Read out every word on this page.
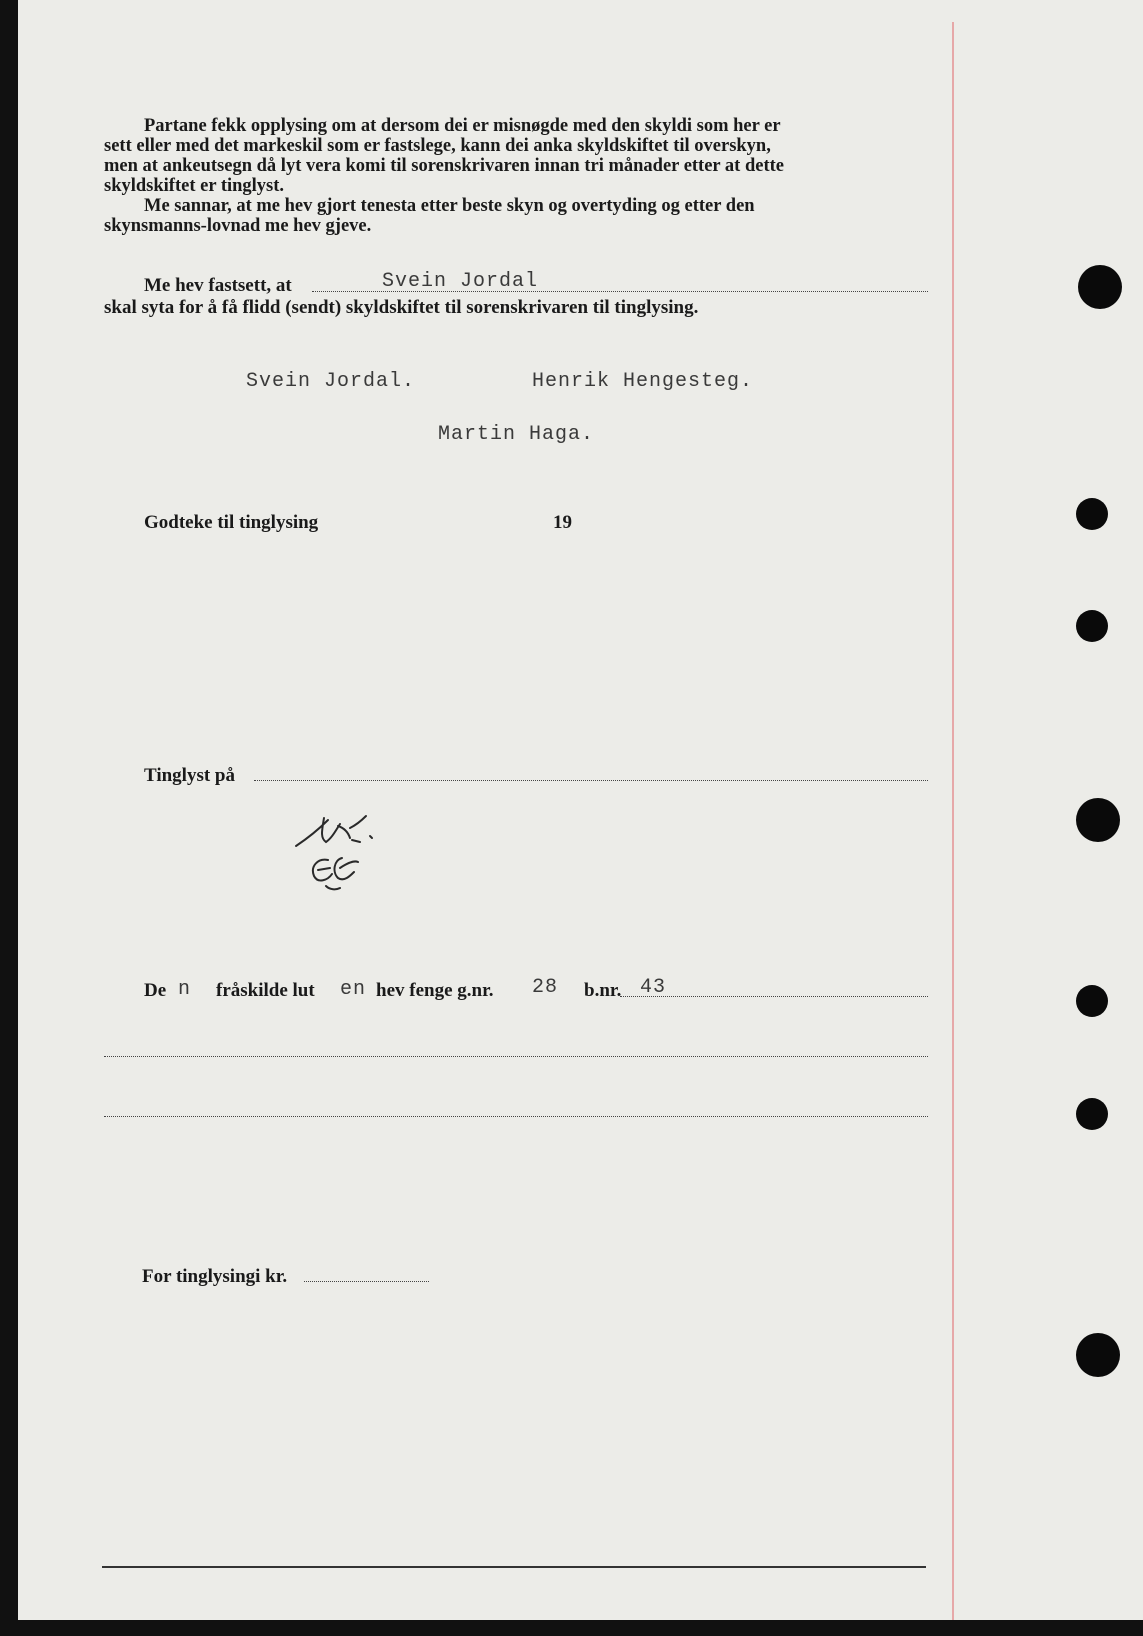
Partane fekk opplysing om at dersom dei er misnøgde med den skyldi som her er
sett eller med det markeskil som er fastslege, kann dei anka skyldskiftet til overskyn,
men at ankeutsegn då lyt vera komi til sorenskrivaren innan tri månader etter at dette
skyldskiftet er tinglyst.
Me sannar, at me hev gjort tenesta etter beste skyn og overtyding og etter den
skynsmanns-lovnad me hev gjeve.
Me hev fastsett, at	Svein Jordal
skal syta for å få flidd (sendt) skyldskiftet til sorenskrivaren til tinglysing.
Svein Jordal.	Henrik Hengesteg.
Martin Haga.
Godteke til tinglysing	19
Tinglyst på
De n fråskilde lut en hev fenge g.nr. 28 b.nr. 43
For tinglysingi kr.
